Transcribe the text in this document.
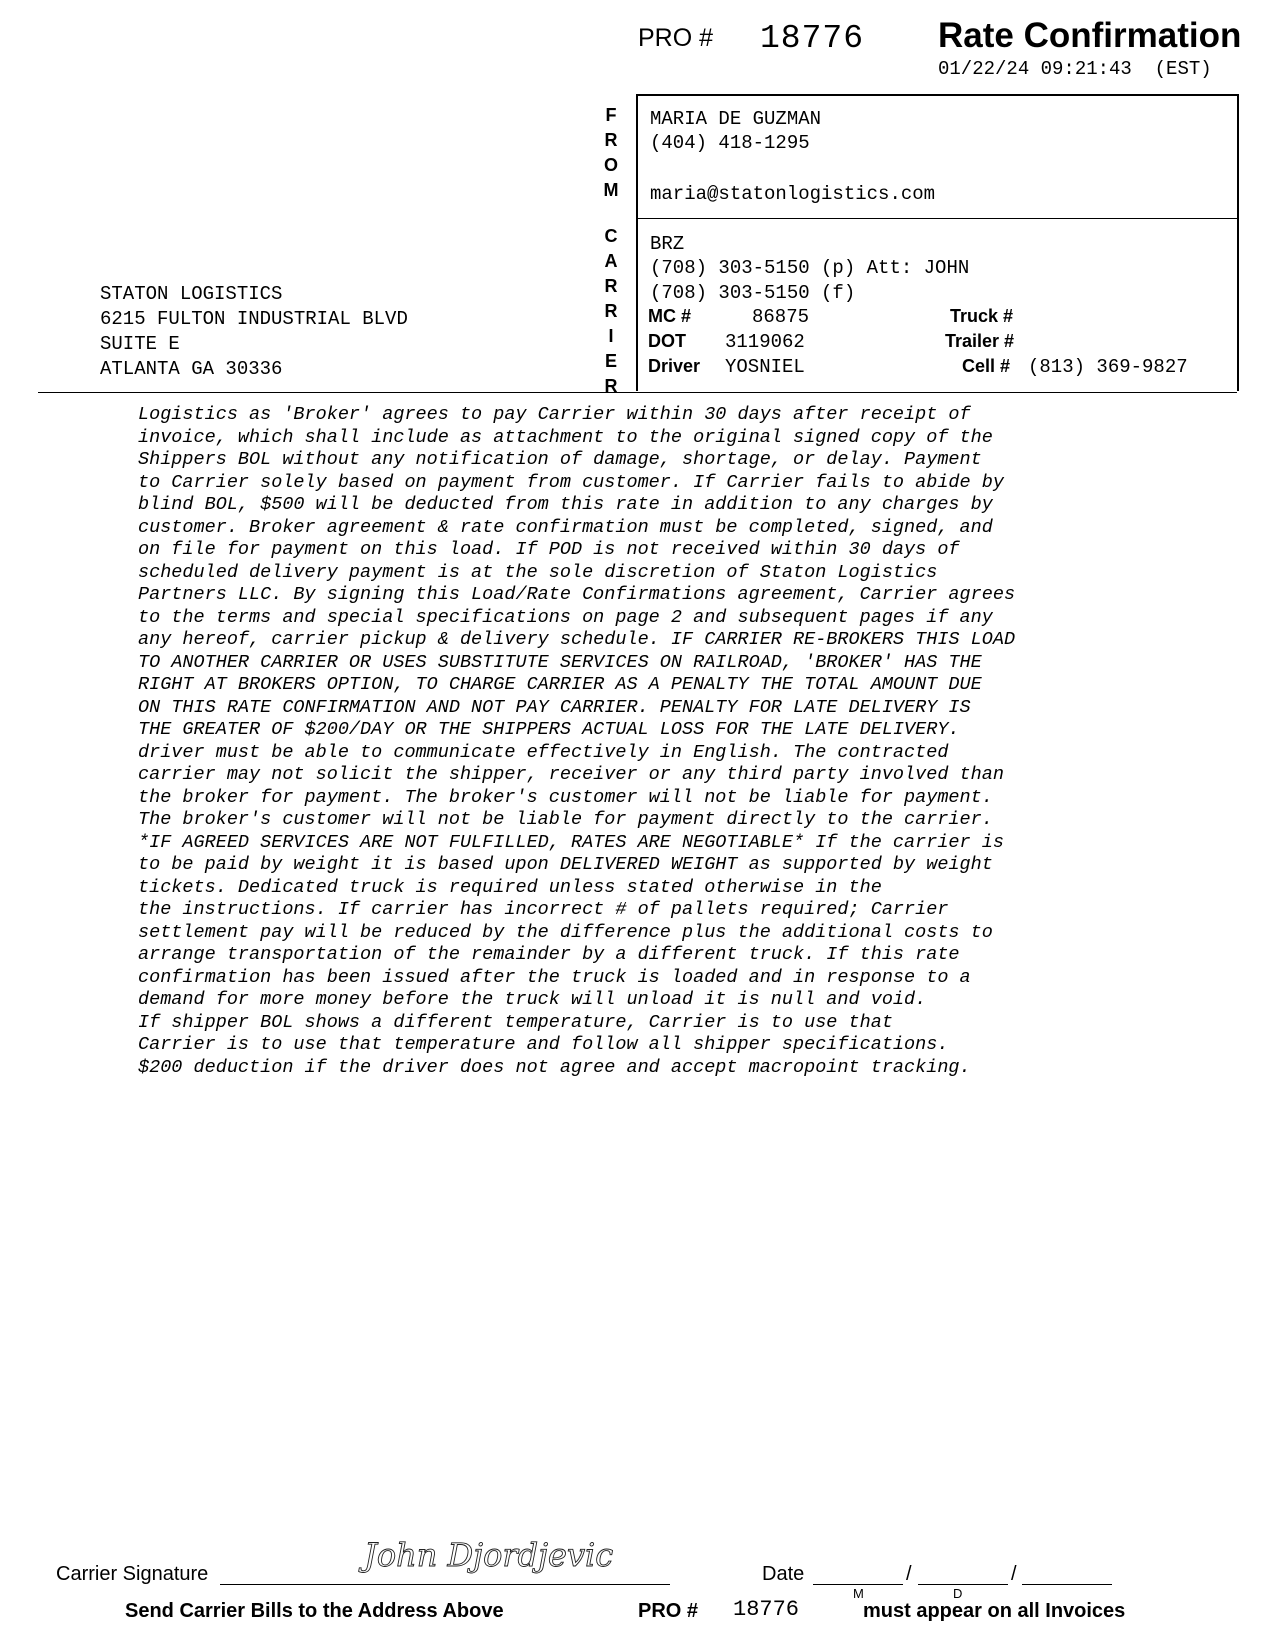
PRO # 18776 Rate Confirmation
01/22/24 09:21:43  (EST)
F
R
O
M
C
A
R
R
I
E
R
MARIA DE GUZMAN
(404) 418-1295
maria@statonlogistics.com
BRZ
(708) 303-5150 (p) Att: JOHN
(708) 303-5150 (f)
MC #	86875	Truck #
DOT 3119062	Trailer #
Driver YOSNIEL	Cell # (813) 369-9827
STATON LOGISTICS
6215 FULTON INDUSTRIAL BLVD
SUITE E
ATLANTA GA 30336
Logistics as 'Broker' agrees to pay Carrier within 30 days after receipt of
invoice, which shall include as attachment to the original signed copy of the
Shippers BOL without any notification of damage, shortage, or delay. Payment
to Carrier solely based on payment from customer. If Carrier fails to abide by
blind BOL, $500 will be deducted from this rate in addition to any charges by
customer. Broker agreement & rate confirmation must be completed, signed, and
on file for payment on this load. If POD is not received within 30 days of
scheduled delivery payment is at the sole discretion of Staton Logistics
Partners LLC. By signing this Load/Rate Confirmations agreement, Carrier agrees
to the terms and special specifications on page 2 and subsequent pages if any
any hereof, carrier pickup & delivery schedule. IF CARRIER RE-BROKERS THIS LOAD
TO ANOTHER CARRIER OR USES SUBSTITUTE SERVICES ON RAILROAD, 'BROKER' HAS THE
RIGHT AT BROKERS OPTION, TO CHARGE CARRIER AS A PENALTY THE TOTAL AMOUNT DUE
ON THIS RATE CONFIRMATION AND NOT PAY CARRIER. PENALTY FOR LATE DELIVERY IS
THE GREATER OF $200/DAY OR THE SHIPPERS ACTUAL LOSS FOR THE LATE DELIVERY.
driver must be able to communicate effectively in English. The contracted
carrier may not solicit the shipper, receiver or any third party involved than
the broker for payment. The broker's customer will not be liable for payment.
The broker's customer will not be liable for payment directly to the carrier.
*IF AGREED SERVICES ARE NOT FULFILLED, RATES ARE NEGOTIABLE* If the carrier is
to be paid by weight it is based upon DELIVERED WEIGHT as supported by weight
tickets. Dedicated truck is required unless stated otherwise in the
the instructions. If carrier has incorrect # of pallets required; Carrier
settlement pay will be reduced by the difference plus the additional costs to
arrange transportation of the remainder by a different truck. If this rate
confirmation has been issued after the truck is loaded and in response to a
demand for more money before the truck will unload it is null and void.
If shipper BOL shows a different temperature, Carrier is to use that
Carrier is to use that temperature and follow all shipper specifications.
$200 deduction if the driver does not agree and accept macropoint tracking.
Carrier Signature	John Djordjevic	Date	/	/
M	D
Send Carrier Bills to the Address Above	PRO # 18776	must appear on all Invoices
